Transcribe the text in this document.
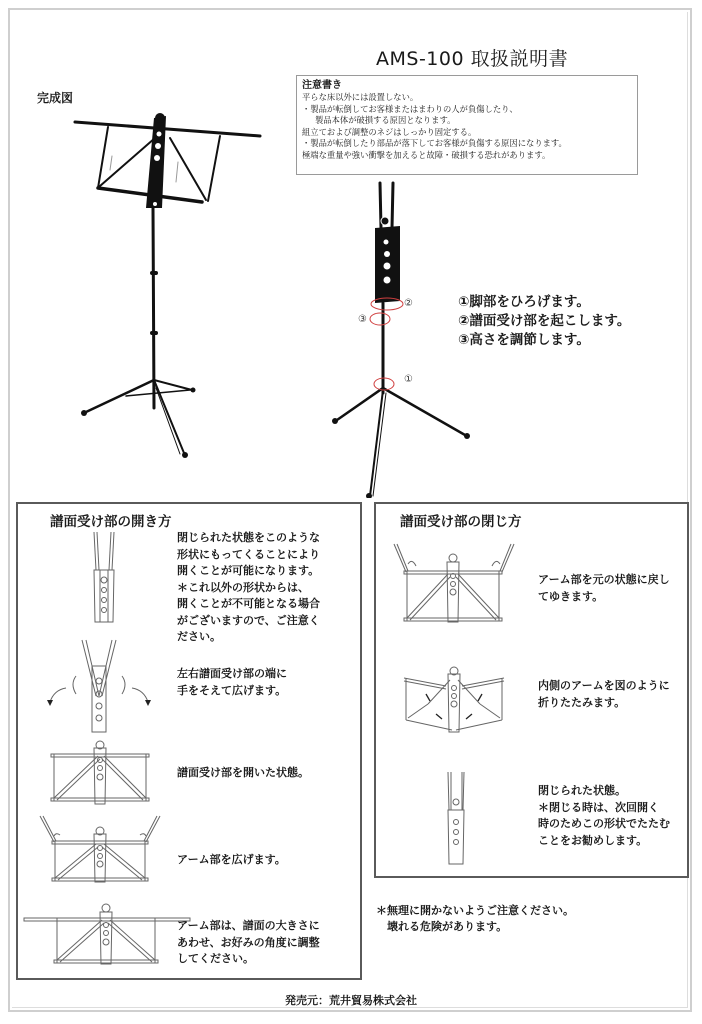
AMS-100 取扱説明書
注意書き
平らな床以外には設置しない。
・製品が転倒してお客様またはまわりの人が負傷したり、
製品本体が破損する原因となります。
組立ておよび調整のネジはしっかり固定する。
・製品が転倒したり部品が落下してお客様が負傷する原因になります。
極端な重量や強い衝撃を加えると故障・破損する恐れがあります。
完成図
②
③
①
①脚部をひろげます。
②譜面受け部を起こします。
③高さを調節します。
譜面受け部の開き方
閉じられた状態をこのような
形状にもってくることにより
開くことが可能になります。
＊これ以外の形状からは、
開くことが不可能となる場合
がございますので、ご注意く
ださい。
左右譜面受け部の端に
手をそえて広げます。
譜面受け部を開いた状態。
アーム部を広げます。
アーム部は、譜面の大きさに
あわせ、お好みの角度に調整
してください。
譜面受け部の閉じ方
アーム部を元の状態に戻し
てゆきます。
内側のアームを図のように
折りたたみます。
閉じられた状態。
＊閉じる時は、次回開く
時のためこの形状でたたむ
ことをお勧めします。
＊無理に開かないようご注意ください。
壊れる危険があります。
発売元：荒井貿易株式会社
